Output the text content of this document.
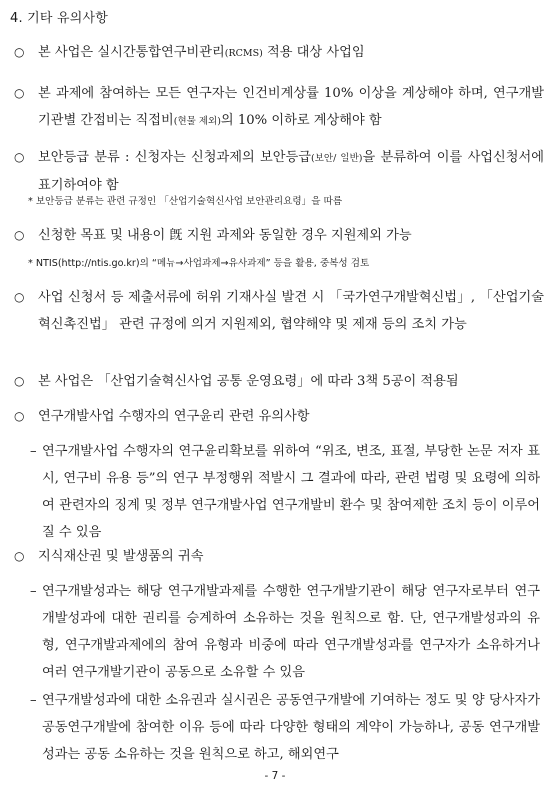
4. 기타 유의사항
○ 본 사업은 실시간통합연구비관리(RCMS) 적용 대상 사업임
○ 본 과제에 참여하는 모든 연구자는 인건비계상률 10% 이상을 계상해야 하며, 연구개발기관별 간접비는 직접비(현물 제외)의 10% 이하로 계상해야 함
○ 보안등급 분류 : 신청자는 신청과제의 보안등급(보안/ 일반)을 분류하여 이를 사업신청서에 표기하여야 함
* 보안등급 분류는 관련 규정인 「산업기술혁신사업 보안관리요령」을 따름
○ 신청한 목표 및 내용이 旣 지원 과제와 동일한 경우 지원제외 가능
* NTIS(http://ntis.go.kr)의 “메뉴→사업과제→유사과제” 등을 활용, 중복성 검토
○ 사업 신청서 등 제출서류에 허위 기재사실 발견 시 「국가연구개발혁신법」, 「산업기술혁신촉진법」 관련 규정에 의거 지원제외, 협약해약 및 제재 등의 조치 가능
○ 본 사업은 「산업기술혁신사업 공통 운영요령」에 따라 3책 5공이 적용됨
○ 연구개발사업 수행자의 연구윤리 관련 유의사항
– 연구개발사업 수행자의 연구윤리확보를 위하여 “위조, 변조, 표절, 부당한 논문 저자 표시, 연구비 유용 등”의 연구 부정행위 적발시 그 결과에 따라, 관련 법령 및 요령에 의하여 관련자의 징계 및 정부 연구개발사업 연구개발비 환수 및 참여제한 조치 등이 이루어질 수 있음
○ 지식재산권 및 발생품의 귀속
– 연구개발성과는 해당 연구개발과제를 수행한 연구개발기관이 해당 연구자로부터 연구개발성과에 대한 권리를 승계하여 소유하는 것을 원칙으로 함. 단, 연구개발성과의 유형, 연구개발과제에의 참여 유형과 비중에 따라 연구개발성과를 연구자가 소유하거나 여러 연구개발기관이 공동으로 소유할 수 있음
– 연구개발성과에 대한 소유권과 실시권은 공동연구개발에 기여하는 정도 및 양 당사자가 공동연구개발에 참여한 이유 등에 따라 다양한 형태의 계약이 가능하나, 공동 연구개발성과는 공동 소유하는 것을 원칙으로 하고, 해외연구
- 7 -
